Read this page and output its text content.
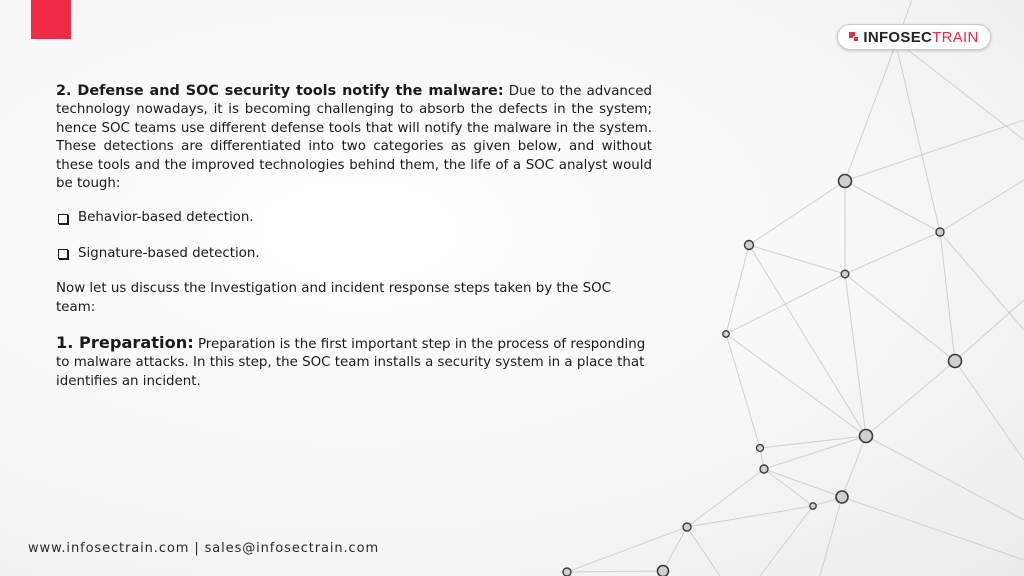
INFOSEC TRAIN

2. Defense and SOC security tools notify the malware: Due to the advanced technology nowadays, it is becoming challenging to absorb the defects in the system; hence SOC teams use different defense tools that will notify the malware in the system. These detections are differentiated into two categories as given below, and without these tools and the improved technologies behind them, the life of a SOC analyst would be tough:

Behavior-based detection.

Signature-based detection.

Now let us discuss the Investigation and incident response steps taken by the SOC team:

1. Preparation: Preparation is the first important step in the process of responding to malware attacks. In this step, the SOC team installs a security system in a place that identifies an incident.

www.infosectrain.com | sales@infosectrain.com
